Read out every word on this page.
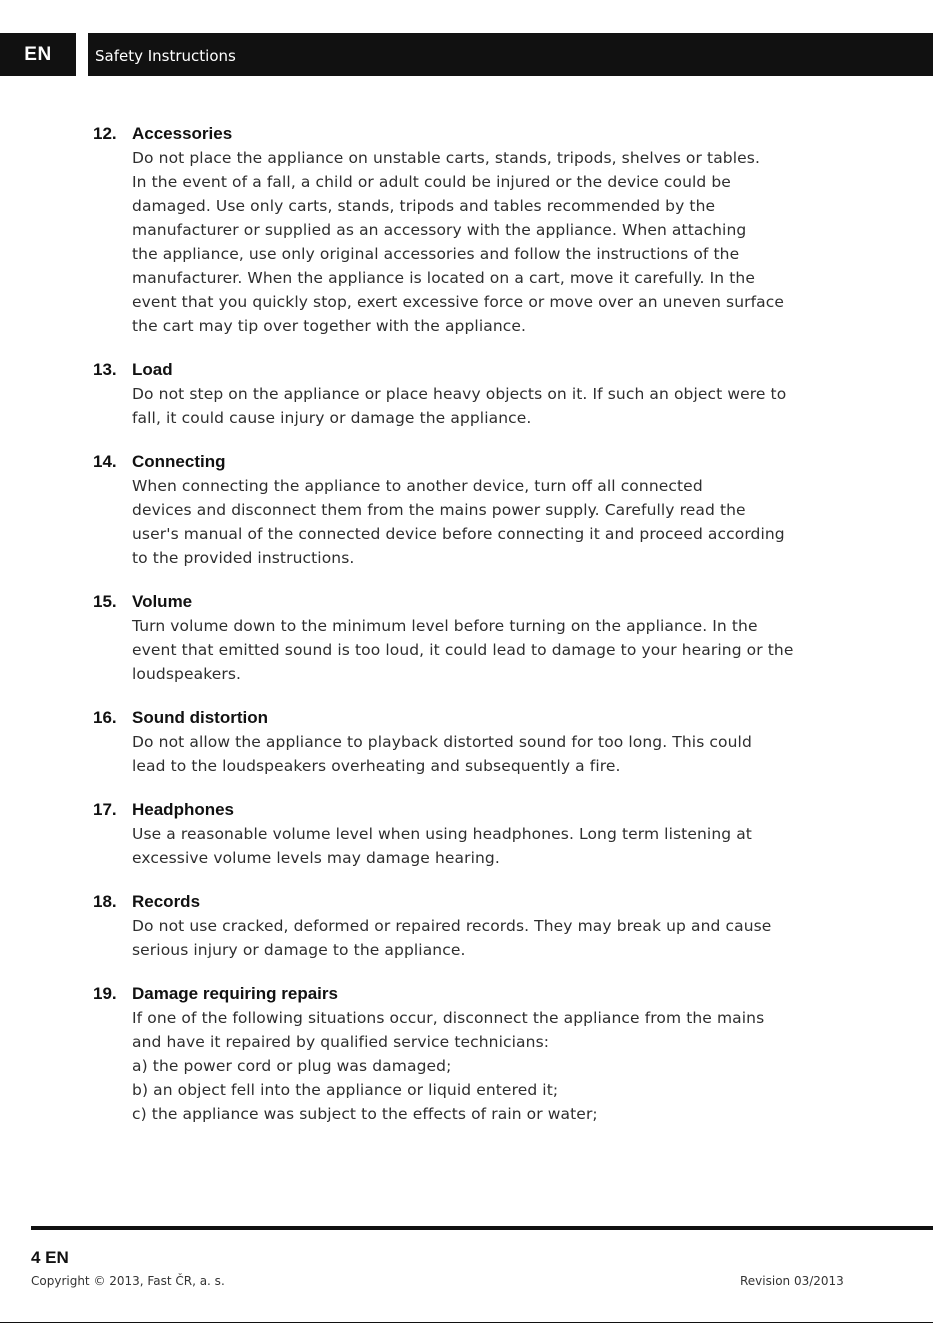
EN	Safety Instructions
12. Accessories
Do not place the appliance on unstable carts, stands, tripods, shelves or tables.
In the event of a fall, a child or adult could be injured or the device could be
damaged. Use only carts, stands, tripods and tables recommended by the
manufacturer or supplied as an accessory with the appliance. When attaching
the appliance, use only original accessories and follow the instructions of the
manufacturer. When the appliance is located on a cart, move it carefully. In the
event that you quickly stop, exert excessive force or move over an uneven surface
the cart may tip over together with the appliance.
13. Load
Do not step on the appliance or place heavy objects on it. If such an object were to
fall, it could cause injury or damage the appliance.
14. Connecting
When connecting the appliance to another device, turn off all connected
devices and disconnect them from the mains power supply. Carefully read the
user's manual of the connected device before connecting it and proceed according
to the provided instructions.
15. Volume
Turn volume down to the minimum level before turning on the appliance. In the
event that emitted sound is too loud, it could lead to damage to your hearing or the
loudspeakers.
16. Sound distortion
Do not allow the appliance to playback distorted sound for too long. This could
lead to the loudspeakers overheating and subsequently a fire.
17. Headphones
Use a reasonable volume level when using headphones. Long term listening at
excessive volume levels may damage hearing.
18. Records
Do not use cracked, deformed or repaired records. They may break up and cause
serious injury or damage to the appliance.
19. Damage requiring repairs
If one of the following situations occur, disconnect the appliance from the mains
and have it repaired by qualified service technicians:
a) the power cord or plug was damaged;
b) an object fell into the appliance or liquid entered it;
c) the appliance was subject to the effects of rain or water;
4 EN
Copyright © 2013, Fast ČR, a. s.	Revision 03/2013
